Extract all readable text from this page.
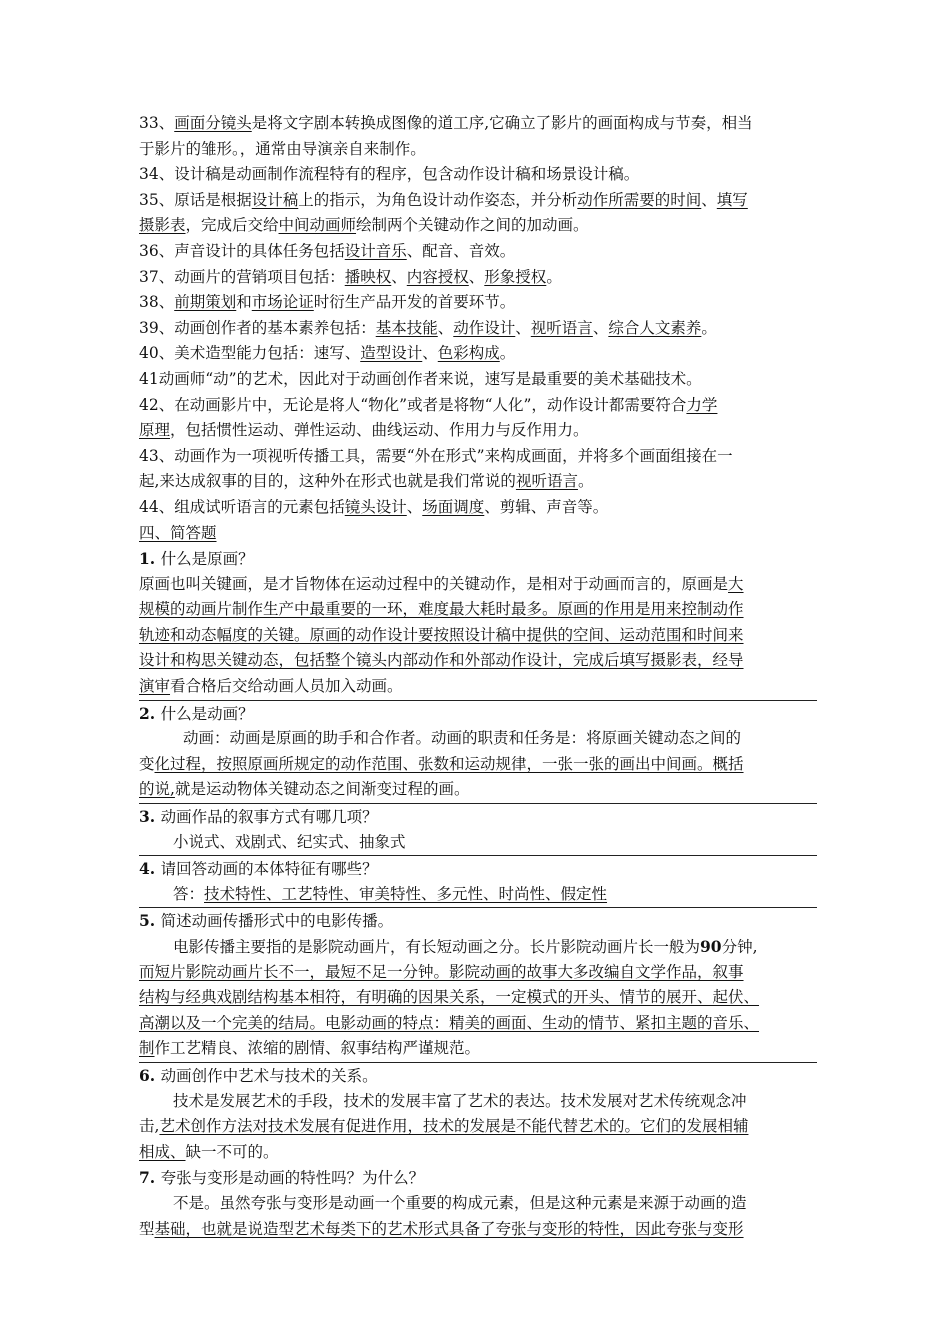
33、画面分镜头是将文字剧本转换成图像的道工序,它确立了影片的画面构成与节奏，相当
于影片的雏形。，通常由导演亲自来制作。
34、设计稿是动画制作流程特有的程序，包含动作设计稿和场景设计稿。
35、原话是根据设计稿上的指示，为角色设计动作姿态，并分析动作所需要的时间、填写
摄影表，完成后交给中间动画师绘制两个关键动作之间的加动画。
36、声音设计的具体任务包括设计音乐、配音、音效。
37、动画片的营销项目包括：播映权、内容授权、形象授权。
38、前期策划和市场论证时衍生产品开发的首要环节。
39、动画创作者的基本素养包括：基本技能、动作设计、视听语言、综合人文素养。
40、美术造型能力包括：速写、造型设计、色彩构成。
41动画师“动”的艺术，因此对于动画创作者来说，速写是最重要的美术基础技术。
42、在动画影片中，无论是将人“物化”或者是将物“人化”，动作设计都需要符合力学
原理，包括惯性运动、弹性运动、曲线运动、作用力与反作用力。
43、动画作为一项视听传播工具，需要“外在形式”来构成画面，并将多个画面组接在一
起,来达成叙事的目的，这种外在形式也就是我们常说的视听语言。
44、组成试听语言的元素包括镜头设计、场面调度、剪辑、声音等。
四、简答题
1. 什么是原画？
原画也叫关键画，是才旨物体在运动过程中的关键动作，是相对于动画而言的，原画是大
规模的动画片制作生产中最重要的一环，难度最大耗时最多。原画的作用是用来控制动作
轨迹和动态幅度的关键。原画的动作设计要按照设计稿中提供的空间、运动范围和时间来
设计和构思关键动态，包括整个镜头内部动作和外部动作设计，完成后填写摄影表，经导
演审看合格后交给动画人员加入动画。
2. 什么是动画？
动画：动画是原画的助手和合作者。动画的职责和任务是：将原画关键动态之间的
变化过程，按照原画所规定的动作范围、张数和运动规律，一张一张的画出中间画。概括
的说,就是运动物体关键动态之间渐变过程的画。
3. 动画作品的叙事方式有哪几项？
小说式、戏剧式、纪实式、抽象式
4. 请回答动画的本体特征有哪些？
答：技术特性、工艺特性、审美特性、多元性、时尚性、假定性
5. 简述动画传播形式中的电影传播。
电影传播主要指的是影院动画片，有长短动画之分。长片影院动画片长一般为90分钟,
而短片影院动画片长不一，最短不足一分钟。影院动画的故事大多改编自文学作品，叙事
结构与经典戏剧结构基本相符，有明确的因果关系，一定模式的开头、情节的展开、起伏、
高潮以及一个完美的结局。电影动画的特点：精美的画面、生动的情节、紧扣主题的音乐、
制作工艺精良、浓缩的剧情、叙事结构严谨规范。
6. 动画创作中艺术与技术的关系。
技术是发展艺术的手段，技术的发展丰富了艺术的表达。技术发展对艺术传统观念冲
击,艺术创作方法对技术发展有促进作用，技术的发展是不能代替艺术的。它们的发展相辅
相成、缺一不可的。
7. 夸张与变形是动画的特性吗？为什么？
不是。虽然夸张与变形是动画一个重要的构成元素，但是这种元素是来源于动画的造
型基础，也就是说造型艺术每类下的艺术形式具备了夸张与变形的特性，因此夸张与变形
